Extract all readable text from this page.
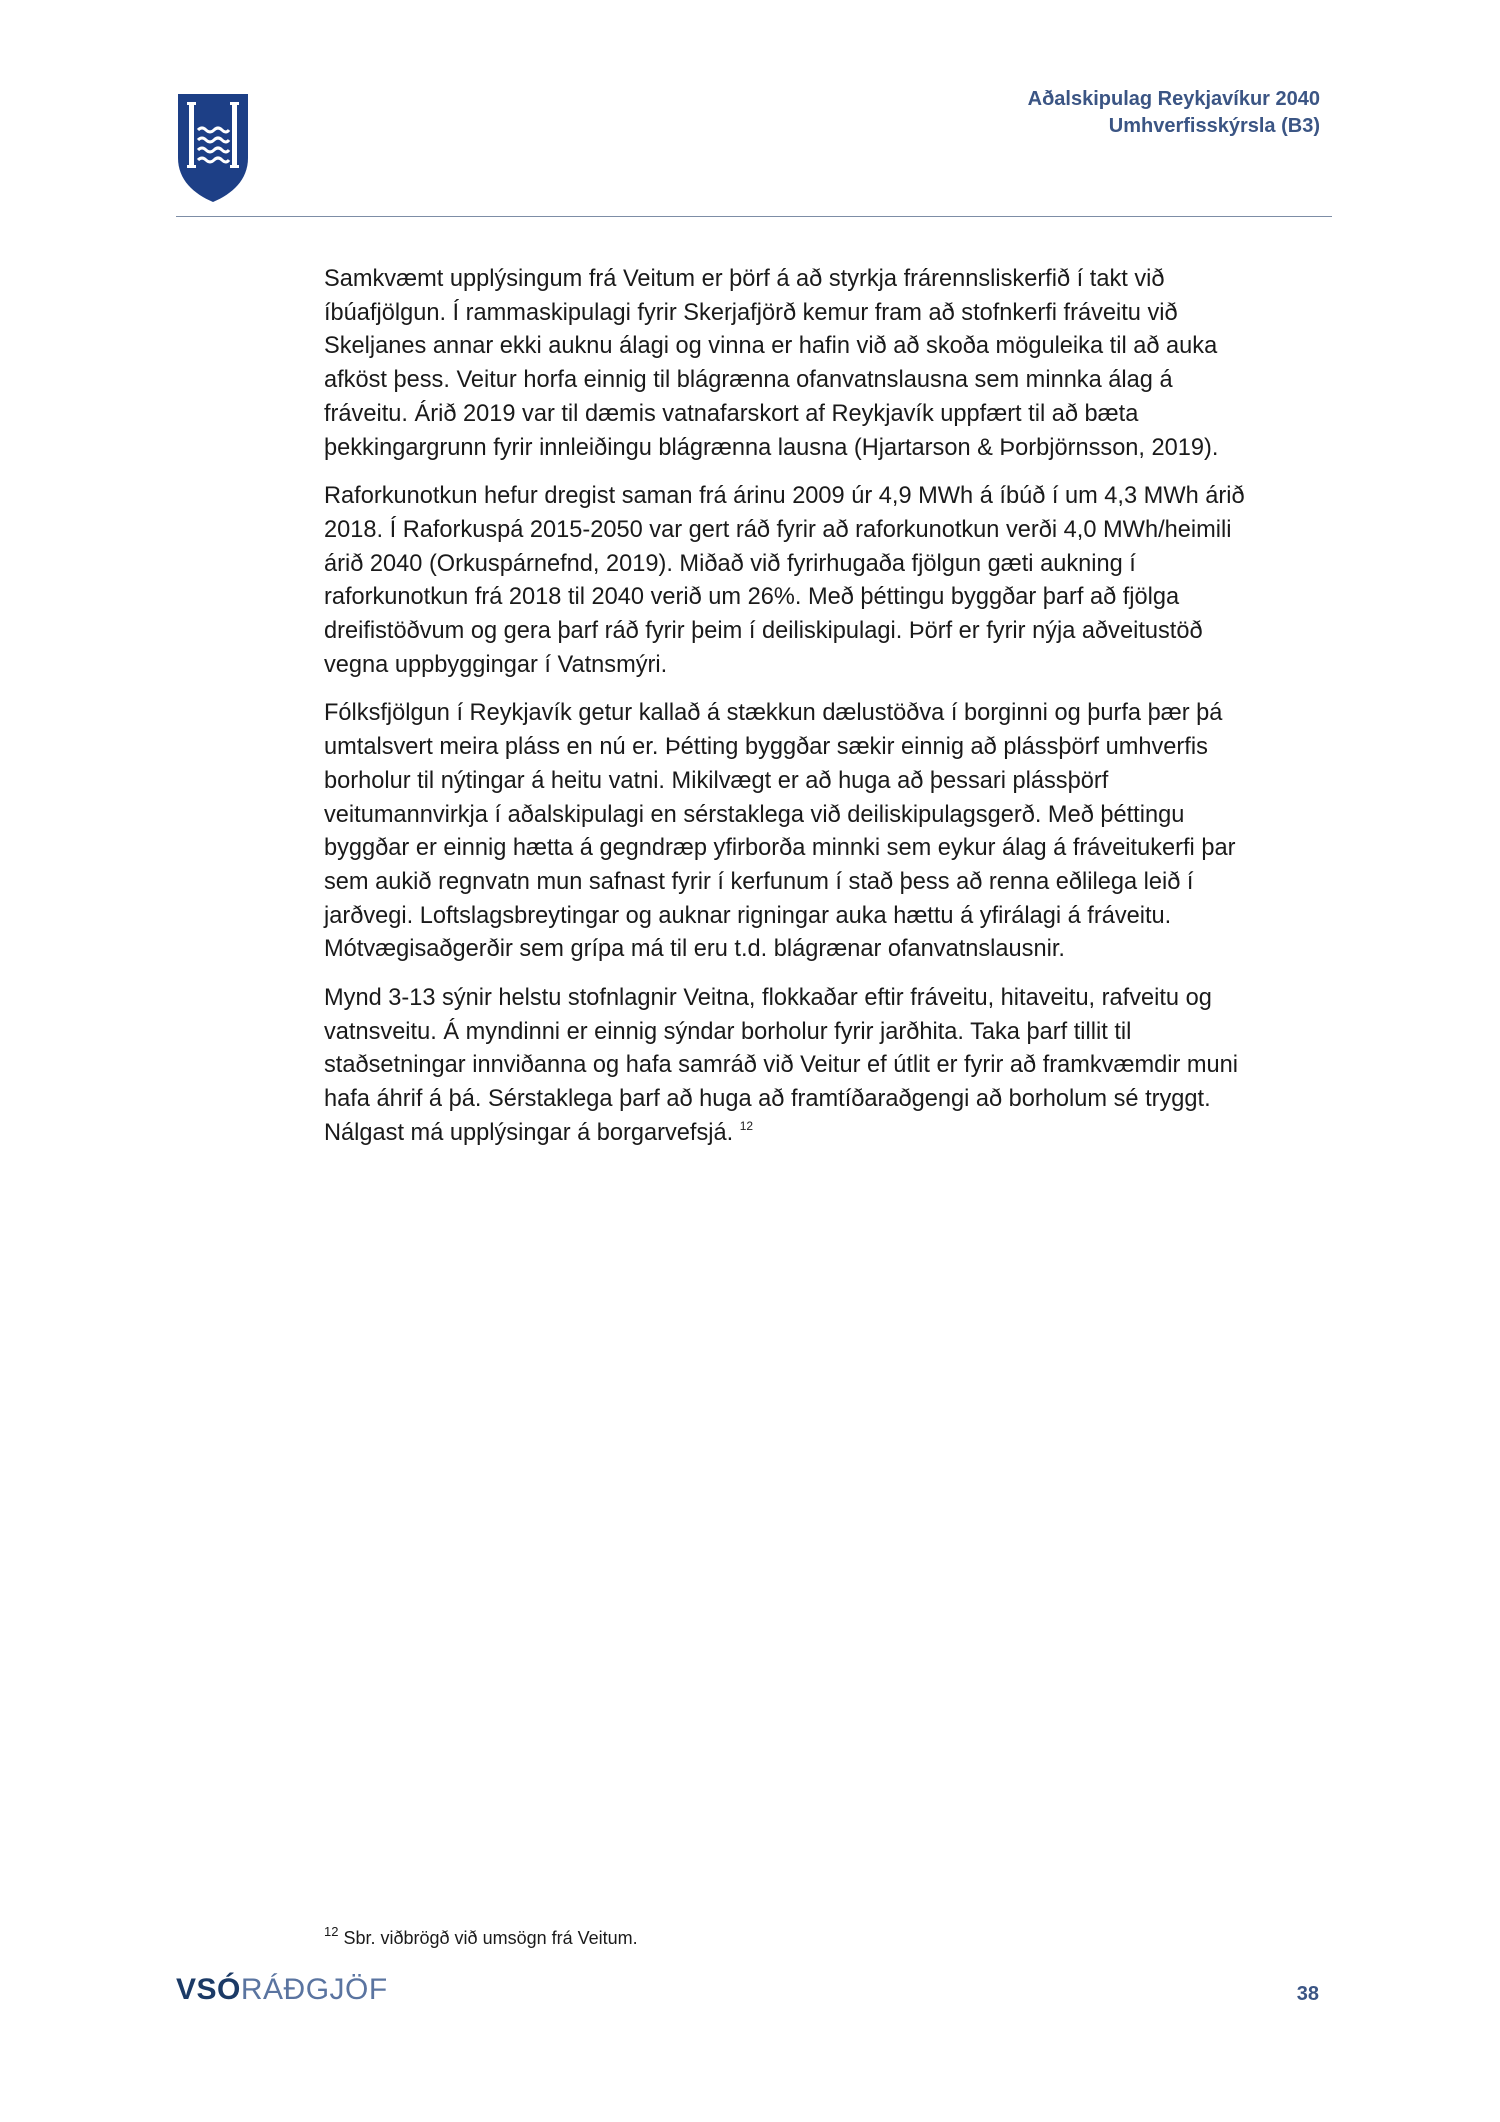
Aðalskipulag Reykjavíkur 2040
Umhverfisskýrsla (B3)

Samkvæmt upplýsingum frá Veitum er þörf á að styrkja frárennsliskerfið í takt við
íbúafjölgun. Í rammaskipulagi fyrir Skerjafjörð kemur fram að stofnkerfi fráveitu við
Skeljanes annar ekki auknu álagi og vinna er hafin við að skoða möguleika til að auka
afköst þess. Veitur horfa einnig til blágrænna ofanvatnslausna sem minnka álag á
fráveitu. Árið 2019 var til dæmis vatnafarskort af Reykjavík uppfært til að bæta
þekkingargrunn fyrir innleiðingu blágrænna lausna (Hjartarson & Þorbjörnsson, 2019).

Raforkunotkun hefur dregist saman frá árinu 2009 úr 4,9 MWh á íbúð í um 4,3 MWh árið
2018. Í Raforkuspá 2015-2050 var gert ráð fyrir að raforkunotkun verði 4,0 MWh/heimili
árið 2040 (Orkuspárnefnd, 2019). Miðað við fyrirhugaða fjölgun gæti aukning í
raforkunotkun frá 2018 til 2040 verið um 26%. Með þéttingu byggðar þarf að fjölga
dreifistöðvum og gera þarf ráð fyrir þeim í deiliskipulagi. Þörf er fyrir nýja aðveitustöð
vegna uppbyggingar í Vatnsmýri.

Fólksfjölgun í Reykjavík getur kallað á stækkun dælustöðva í borginni og þurfa þær þá
umtalsvert meira pláss en nú er. Þétting byggðar sækir einnig að plássþörf umhverfis
borholur til nýtingar á heitu vatni. Mikilvægt er að huga að þessari plássþörf
veitumannvirkja í aðalskipulagi en sérstaklega við deiliskipulagsgerð. Með þéttingu
byggðar er einnig hætta á gegndræp yfirborða minnki sem eykur álag á fráveitukerfi þar
sem aukið regnvatn mun safnast fyrir í kerfunum í stað þess að renna eðlilega leið í
jarðvegi. Loftslagsbreytingar og auknar rigningar auka hættu á yfirálagi á fráveitu.
Mótvægisaðgerðir sem grípa má til eru t.d. blágrænar ofanvatnslausnir.

Mynd 3-13 sýnir helstu stofnlagnir Veitna, flokkaðar eftir fráveitu, hitaveitu, rafveitu og
vatnsveitu. Á myndinni er einnig sýndar borholur fyrir jarðhita. Taka þarf tillit til
staðsetningar innviðanna og hafa samráð við Veitur ef útlit er fyrir að framkvæmdir muni
hafa áhrif á þá. Sérstaklega þarf að huga að framtíðaraðgengi að borholum sé tryggt.
Nálgast má upplýsingar á borgarvefsjá. $^{12}$

$^{12}$ Sbr. viðbrögð við umsögn frá Veitum.
VSÓRÁÐGJÖF	38
